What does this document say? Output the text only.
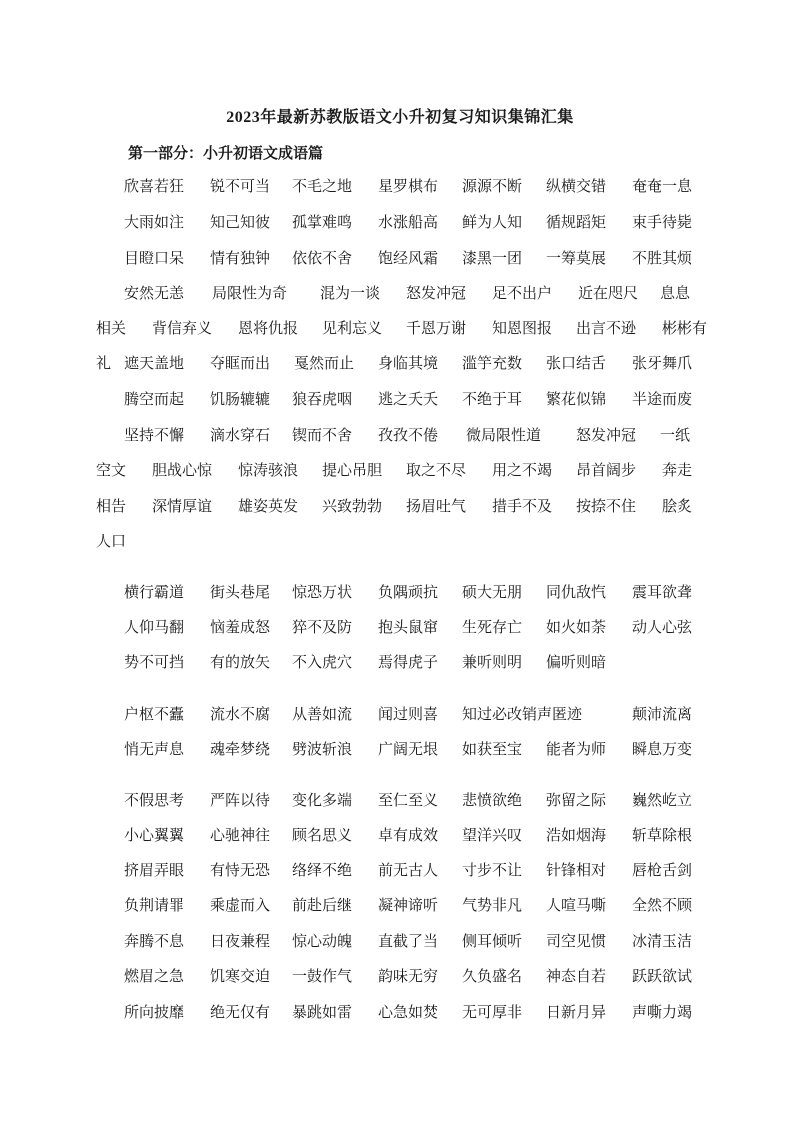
2023年最新苏教版语文小升初复习知识集锦汇集
第一部分：小升初语文成语篇
欣喜若狂 锐不可当 不毛之地 星罗棋布 源源不断 纵横交错 奄奄一息
大雨如注 知己知彼 孤掌难鸣 水涨船高 鲜为人知 循规蹈矩 束手待毙
目瞪口呆 情有独钟 依依不舍 饱经风霜 漆黑一团 一筹莫展 不胜其烦
安然无恙 局限性为奇 混为一谈 怒发冲冠 足不出户 近在咫尺 息息
相关 背信弃义 恩将仇报 见利忘义 千恩万谢 知恩图报 出言不逊 彬彬有
礼 遮天盖地 夺眶而出 戛然而止 身临其境 滥竽充数 张口结舌 张牙舞爪
腾空而起 饥肠辘辘 狼吞虎咽 逃之夭夭 不绝于耳 繁花似锦 半途而废
坚持不懈 滴水穿石 锲而不舍 孜孜不倦 微局限性道 怒发冲冠 一纸
空文 胆战心惊 惊涛骇浪 提心吊胆 取之不尽 用之不竭 昂首阔步 奔走
相告 深情厚谊 雄姿英发 兴致勃勃 扬眉吐气 措手不及 按捺不住 脍炙
人口
横行霸道 街头巷尾 惊恐万状 负隅顽抗 硕大无朋 同仇敌忾 震耳欲聋
人仰马翻 恼羞成怒 猝不及防 抱头鼠窜 生死存亡 如火如荼 动人心弦
势不可挡 有的放矢 不入虎穴 焉得虎子 兼听则明 偏听则暗
户枢不蠹 流水不腐 从善如流 闻过则喜 知过必改销声匿迹	颠沛流离
悄无声息 魂牵梦绕 劈波斩浪 广阔无垠 如获至宝 能者为师 瞬息万变
不假思考 严阵以待 变化多端 至仁至义 悲愤欲绝 弥留之际 巍然屹立
小心翼翼 心驰神往 顾名思义 卓有成效 望洋兴叹 浩如烟海 斩草除根
挤眉弄眼 有恃无恐 络绎不绝 前无古人 寸步不让 针锋相对 唇枪舌剑
负荆请罪 乘虚而入 前赴后继 凝神谛听 气势非凡 人喧马嘶 全然不顾
奔腾不息 日夜兼程 惊心动魄 直截了当 侧耳倾听 司空见惯 冰清玉洁
燃眉之急 饥寒交迫 一鼓作气 韵味无穷 久负盛名 神态自若 跃跃欲试
所向披靡 绝无仅有 暴跳如雷 心急如焚 无可厚非 日新月异 声嘶力竭
